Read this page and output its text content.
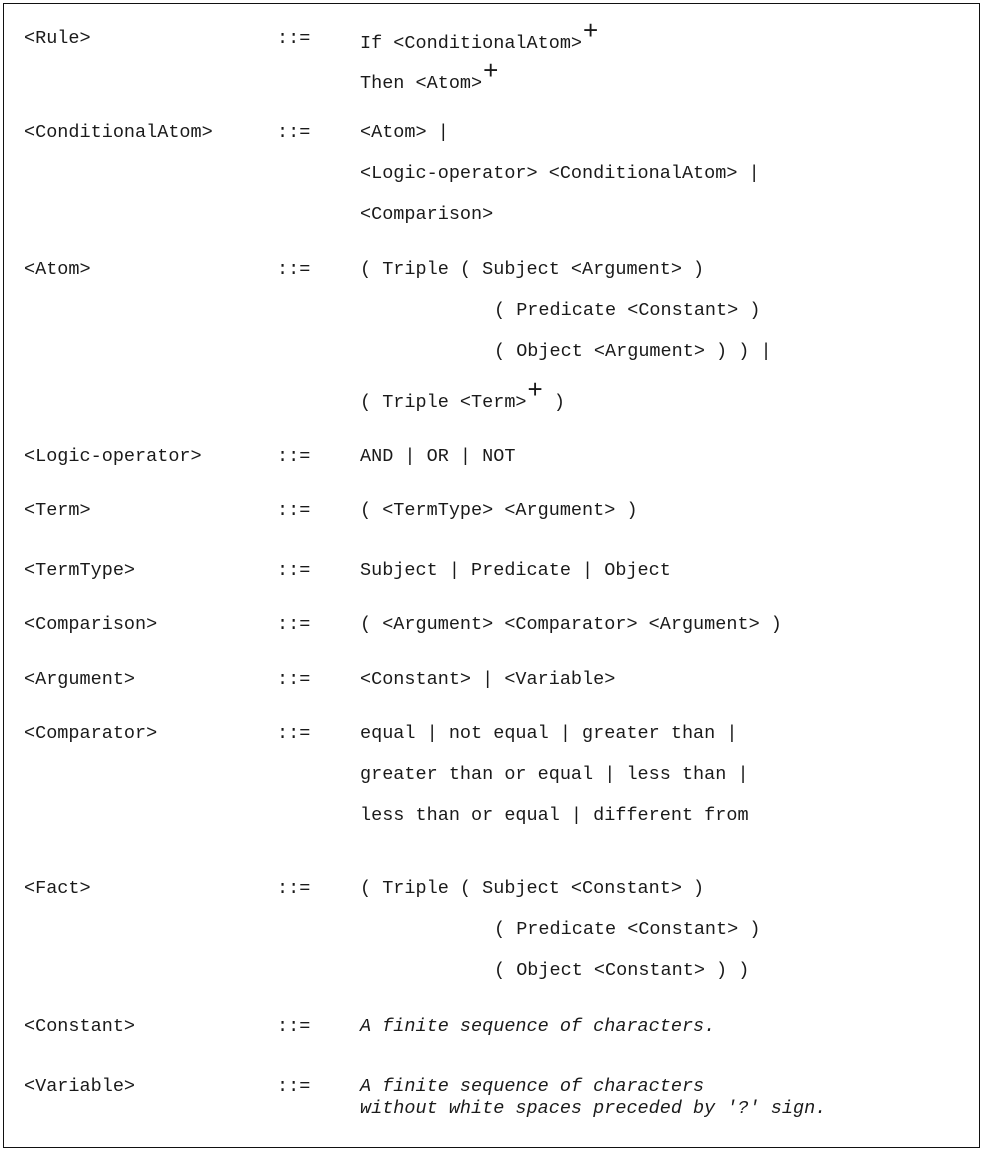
<Rule>	::=	If <ConditionalAtom>+
Then <Atom>+
<ConditionalAtom>	::=	<Atom> |
<Logic-operator> <ConditionalAtom> |
<Comparison>
<Atom>	::=	( Triple ( Subject <Argument> )
( Predicate <Constant> )
( Object <Argument> ) ) |
( Triple <Term>+ )
<Logic-operator>	::=	AND | OR | NOT
<Term>	::=	( <TermType> <Argument> )
<TermType>	::=	Subject | Predicate | Object
<Comparison>	::=	( <Argument> <Comparator> <Argument> )
<Argument>	::=	<Constant> | <Variable>
<Comparator>	::=	equal | not equal | greater than |
greater than or equal | less than |
less than or equal | different from
<Fact>	::=	( Triple ( Subject <Constant> )
( Predicate <Constant> )
( Object <Constant> ) )
<Constant>	::=	A finite sequence of characters.
<Variable>	::=	A finite sequence of characters
without white spaces preceded by '?' sign.
